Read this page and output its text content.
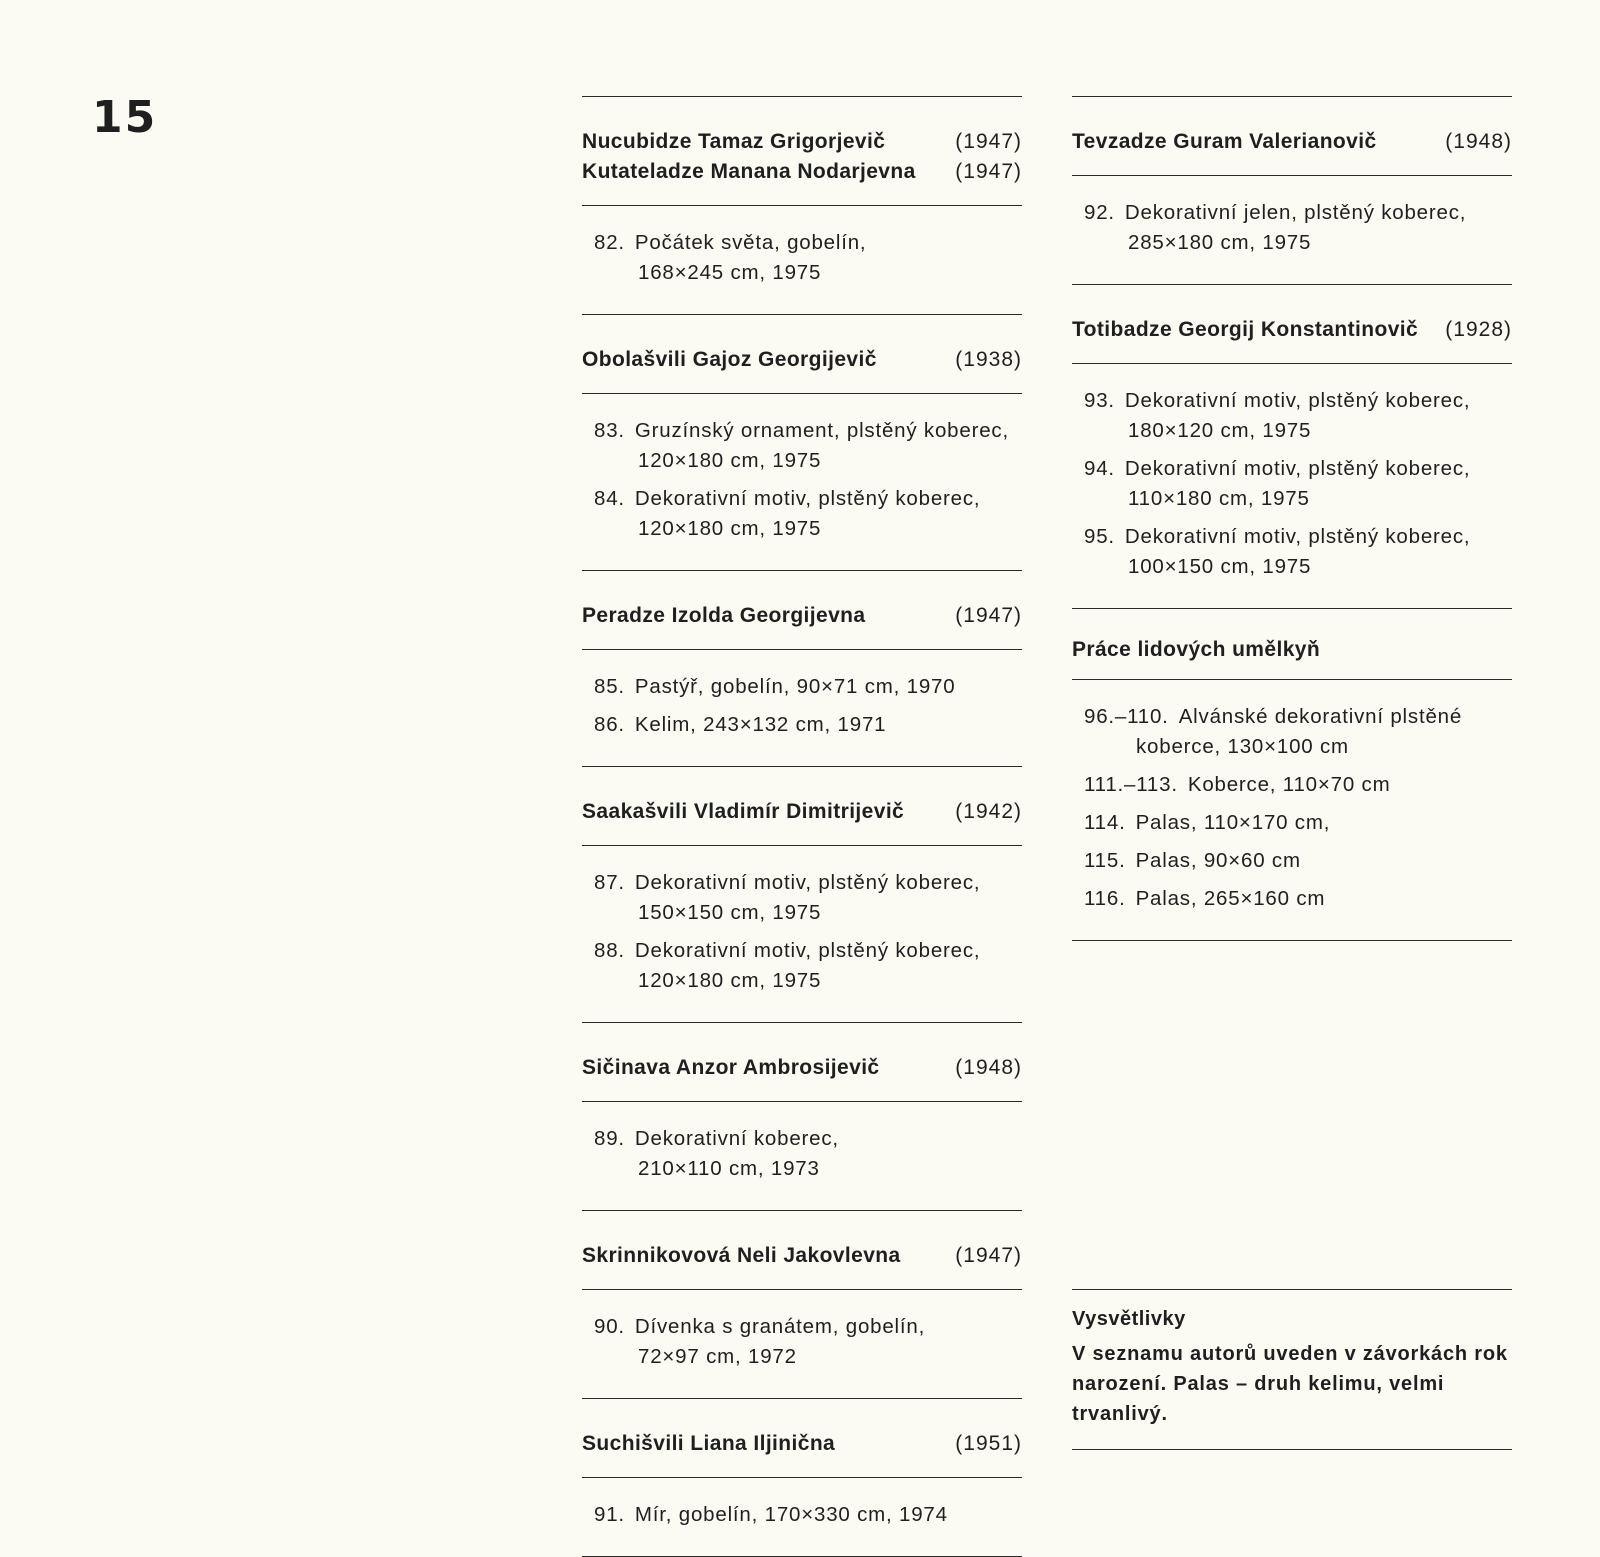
15	Nucubidze Tamaz Grigorjevič	(1947)
Kutateladze Manana Nodarjevna (1947)
82. Počátek světa, gobelín,
168×245 cm, 1975
Obolašvili Gajoz Georgijevič	(1938)
83. Gruzínský ornament, plstěný koberec,
120×180 cm, 1975
84. Dekorativní motiv, plstěný koberec,
120×180 cm, 1975
Peradze Izolda Georgijevna	(1947)
85. Pastýř, gobelín, 90×71 cm, 1970
86. Kelim, 243×132 cm, 1971
Saakašvili Vladimír Dimitrijevič (1942)
87. Dekorativní motiv, plstěný koberec,
150×150 cm, 1975
88. Dekorativní motiv, plstěný koberec,
120×180 cm, 1975
Sičinava Anzor Ambrosijevič	(1948)
89. Dekorativní koberec,
210×110 cm, 1973
Skrinnikovová Neli Jakovlevna	(1947)
90. Dívenka s granátem, gobelín,
72×97 cm, 1972
Suchišvili Liana Iljinična	(1951)
91. Mír, gobelín, 170×330 cm, 1974
Tevzadze Guram Valerianovič	(1948)
92. Dekorativní jelen, plstěný koberec,
285×180 cm, 1975
Totibadze Georgij Konstantinovič (1928)
93. Dekorativní motiv, plstěný koberec,
180×120 cm, 1975
94. Dekorativní motiv, plstěný koberec,
110×180 cm, 1975
95. Dekorativní motiv, plstěný koberec,
100×150 cm, 1975
Práce lidových umělkyň
96.–110. Alvánské dekorativní plstěné
koberce, 130×100 cm
111.–113. Koberce, 110×70 cm
114. Palas, 110×170 cm,
115. Palas, 90×60 cm
116. Palas, 265×160 cm
Vysvětlivky
V seznamu autorů uveden v závorkách rok narození. Palas – druh kelimu, velmi trvanlivý.
